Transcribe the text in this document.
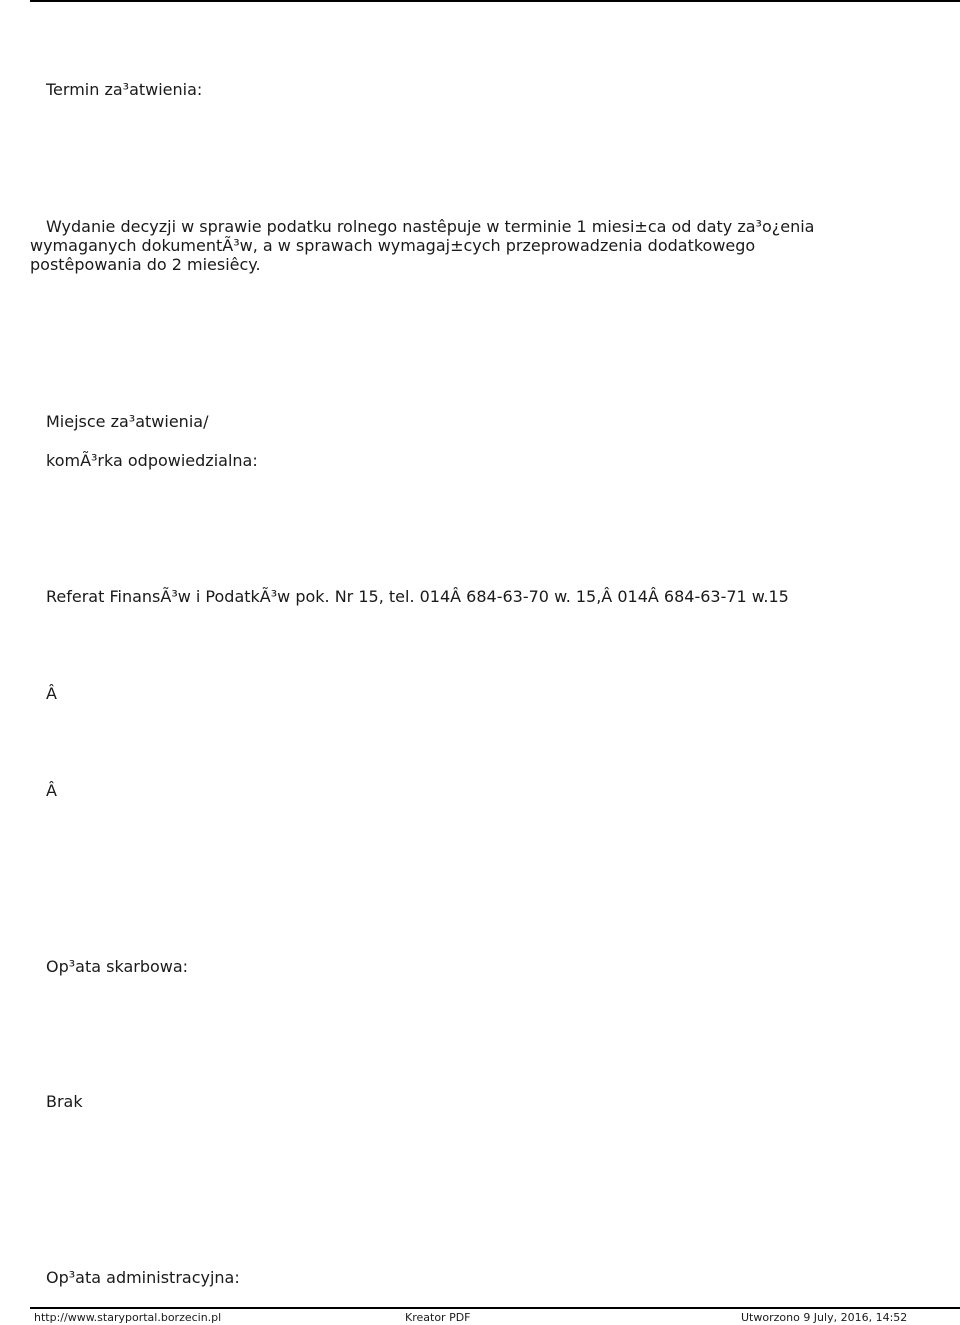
Termin za³atwienia:
Wydanie decyzji w sprawie podatku rolnego nastêpuje w terminie 1 miesi±ca od daty za³o¿enia wymaganych dokumentÃ³w, a w sprawach wymagaj±cych przeprowadzenia dodatkowego postêpowania do 2 miesiêcy.
Miejsce za³atwienia/
komÃ³rka odpowiedzialna:
Referat FinansÃ³w i PodatkÃ³w pok. Nr 15, tel. 014Â 684-63-70 w. 15,Â 014Â 684-63-71 w.15
Â
Â
Op³ata skarbowa:
Brak
Op³ata administracyjna:
http://www.staryportal.borzecin.pl	Kreator PDF	Utworzono 9 July, 2016, 14:52
